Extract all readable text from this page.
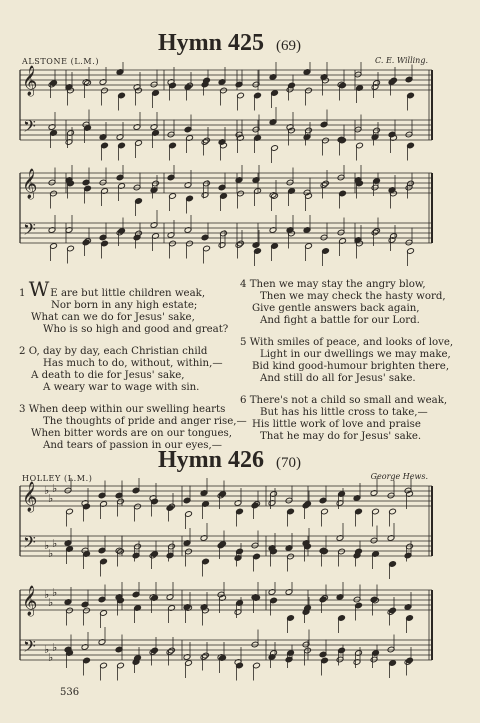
Hymn 425 (69)
ALSTONE (L.M.)	C. E. Willing.
𝄞
𝄢
𝄞
𝄢
1 WE are but little children weak,
Nor born in any high estate;
What can we do for Jesus' sake,
Who is so high and good and great?
2 O, day by day, each Christian child
Has much to do, without, within,—
A death to die for Jesus' sake,
A weary war to wage with sin.
3 When deep within our swelling hearts
The thoughts of pride and anger rise,—
When bitter words are on our tongues,
And tears of passion in our eyes,—
4 Then we may stay the angry blow,
Then we may check the hasty word,
Give gentle answers back again,
And fight a battle for our Lord.
5 With smiles of peace, and looks of love,
Light in our dwellings we may make,
Bid kind good-humour brighten there,
And still do all for Jesus' sake.
6 There's not a child so small and weak,
But has his little cross to take,—
His little work of love and praise
That he may do for Jesus' sake.
Hymn 426 (70)
HOLLEY (L.M.)	George Hews.
𝄞
𝄢
♭
♭
♭
♭
♭
♭
𝄞
𝄢
♭
♭
♭
♭
♭
♭
536
